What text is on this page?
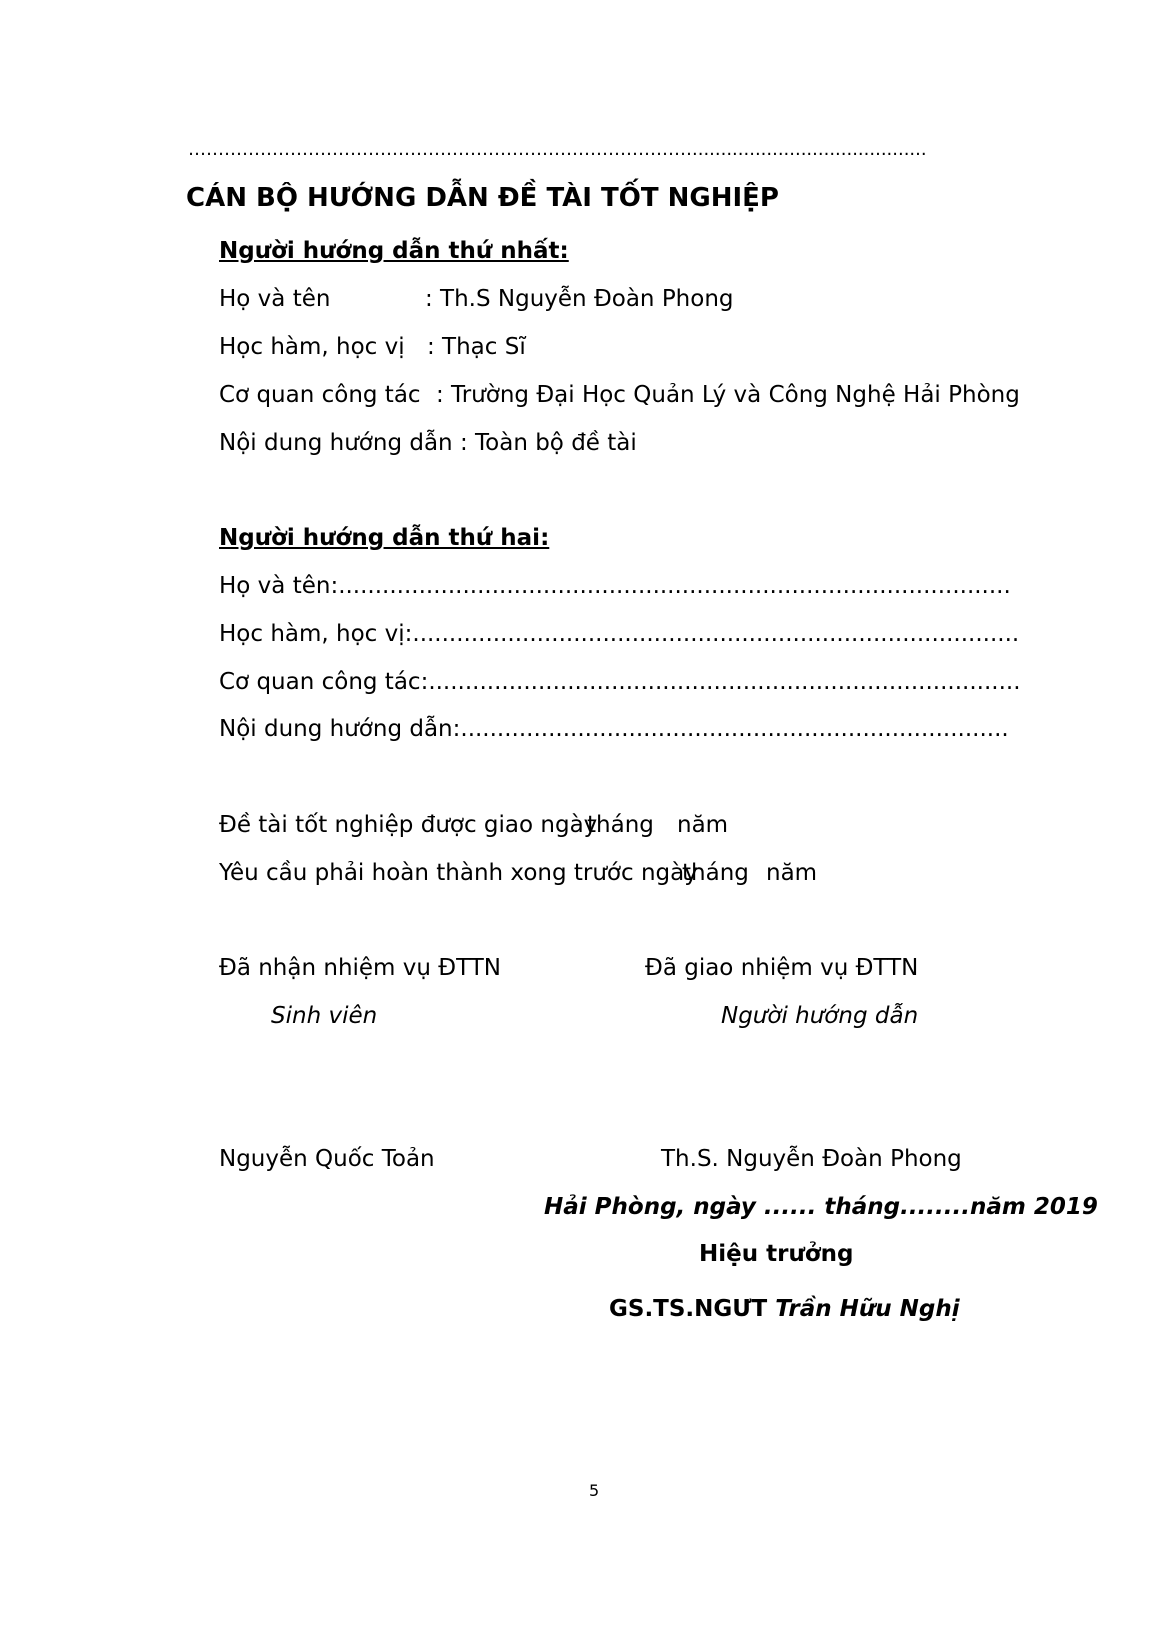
………………………………………………………………………….........................................
CÁN BỘ HƯỚNG DẪN ĐỀ TÀI TỐT NGHIỆP
Người hướng dẫn thứ nhất:
Họ và tên	: Th.S Nguyễn Đoàn Phong
Học hàm, học vị : Thạc Sĩ
Cơ quan công tác : Trường Đại Học Quản Lý và Công Nghệ Hải Phòng
Nội dung hướng dẫn : Toàn bộ đề tài
Người hướng dẫn thứ hai:
Họ và tên:............................................................................................
Học hàm, học vị:...................................................................................
Cơ quan công tác:.................................................................................
Nội dung hướng dẫn:...........................................................................
Đề tài tốt nghiệp được giao ngày
tháng năm
Yêu cầu phải hoàn thành xong trước ngày
tháng năm
Đã nhận nhiệm vụ ĐTTN	Đã giao nhiệm vụ ĐTTN
Sinh viên	Người hướng dẫn
Nguyễn Quốc Toản	Th.S. Nguyễn Đoàn Phong
Hải Phòng, ngày ...... tháng........năm 2019
Hiệu trưởng
GS.TS.NGƯT Trần Hữu Nghị
5
